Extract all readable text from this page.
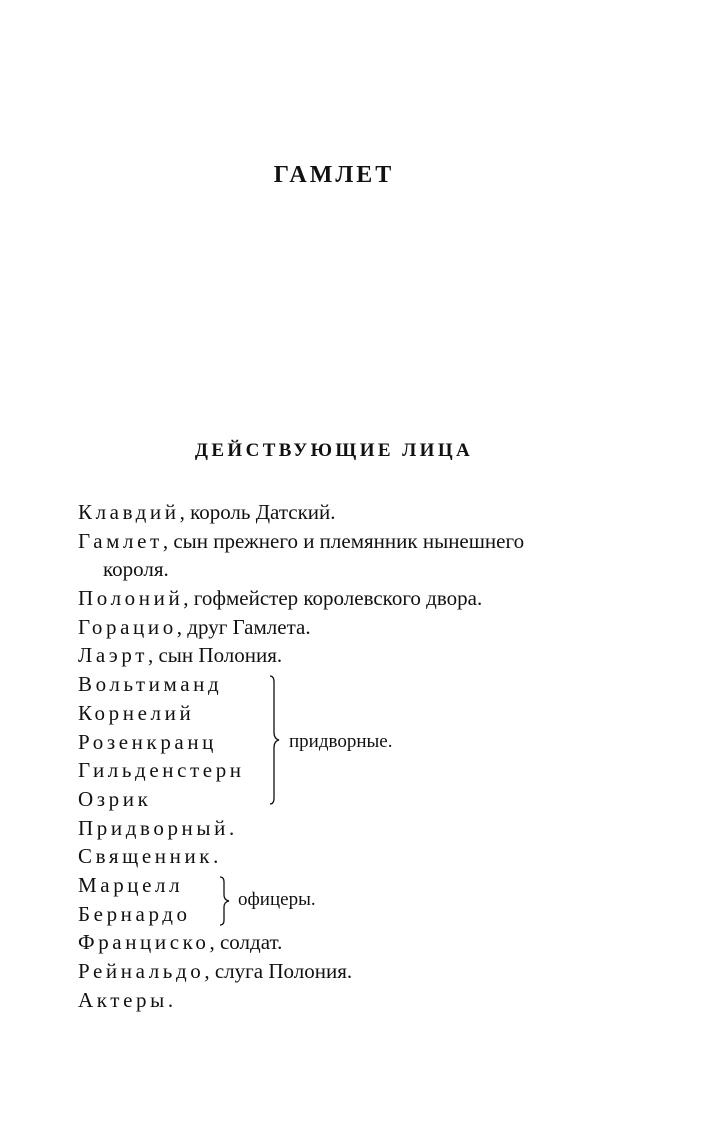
ГАМЛЕТ
ДЕЙСТВУЮЩИЕ ЛИЦА
Клавдий, король Датский.
Гамлет, сын прежнего и племянник нынешнего
короля.
Полоний, гофмейстер королевского двора.
Горацио, друг Гамлета.
Лаэрт, сын Полония.
Вольтиманд
Корнелий
Розенкранц
Гильденстерн
Озрик
придворные.
Придворный.
Священник.
Марцелл
Бернардо
офицеры.
Франциско, солдат.
Рейнальдо, слуга Полония.
Актеры.
